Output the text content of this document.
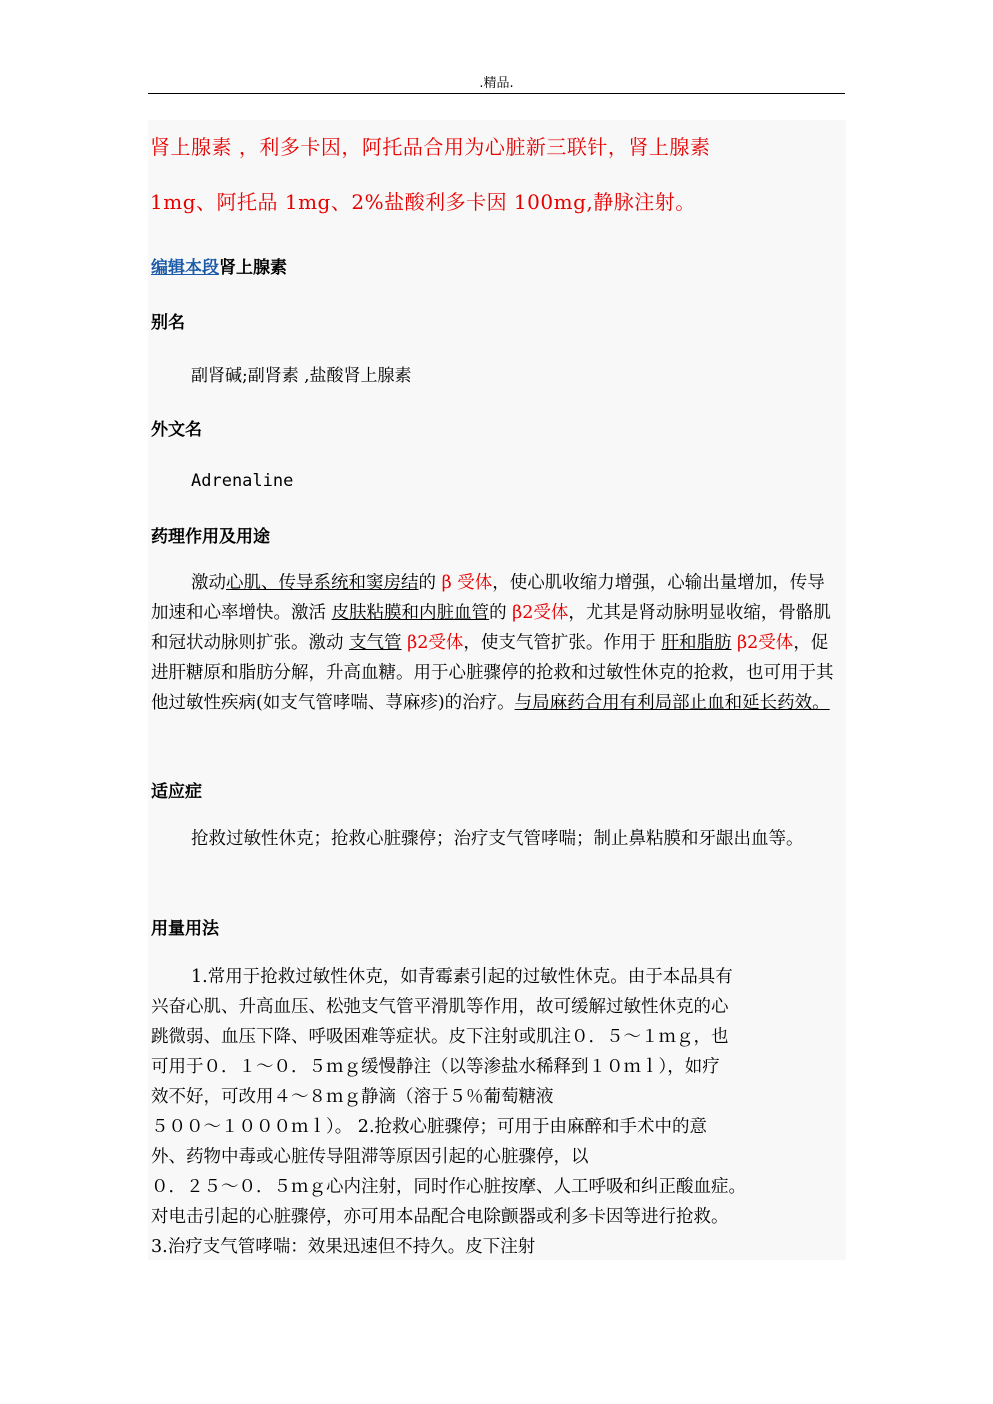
.精品.
肾上腺素 ，利多卡因，阿托品合用为心脏新三联针，肾上腺素
1mg、阿托品 1mg、2%盐酸利多卡因 100mg,静脉注射。
编辑本段肾上腺素
别名
副肾碱;副肾素 ,盐酸肾上腺素
外文名
Adrenaline
药理作用及用途
激动心肌、传导系统和窦房结的 β 受体，使心肌收缩力增强，心输出量增加，传导加速和心率增快。激活 皮肤粘膜和内脏血管的 β2受体，尤其是肾动脉明显收缩，骨骼肌和冠状动脉则扩张。激动 支气管 β2受体，使支气管扩张。作用于 肝和脂肪 β2受体，促进肝糖原和脂肪分解，升高血糖。用于心脏骤停的抢救和过敏性休克的抢救，也可用于其他过敏性疾病(如支气管哮喘、荨麻疹)的治疗。与局麻药合用有利局部止血和延长药效。
适应症
抢救过敏性休克；抢救心脏骤停；治疗支气管哮喘；制止鼻粘膜和牙龈出血等。
用量用法
1.常用于抢救过敏性休克，如青霉素引起的过敏性休克。由于本品具有
兴奋心肌、升高血压、松弛支气管平滑肌等作用，故可缓解过敏性休克的心
跳微弱、血压下降、呼吸困难等症状。皮下注射或肌注０．５～１ｍｇ，也
可用于０．１～０．５ｍｇ缓慢静注（以等渗盐水稀释到１０ｍｌ），如疗
效不好，可改用４～８ｍｇ静滴（溶于５％葡萄糖液
５００～１０００ｍｌ）。 2.抢救心脏骤停；可用于由麻醉和手术中的意
外、药物中毒或心脏传导阻滞等原因引起的心脏骤停，以
０．２５～０．５ｍｇ心内注射，同时作心脏按摩、人工呼吸和纠正酸血症。
对电击引起的心脏骤停，亦可用本品配合电除颤器或利多卡因等进行抢救。
3.治疗支气管哮喘：效果迅速但不持久。皮下注射
